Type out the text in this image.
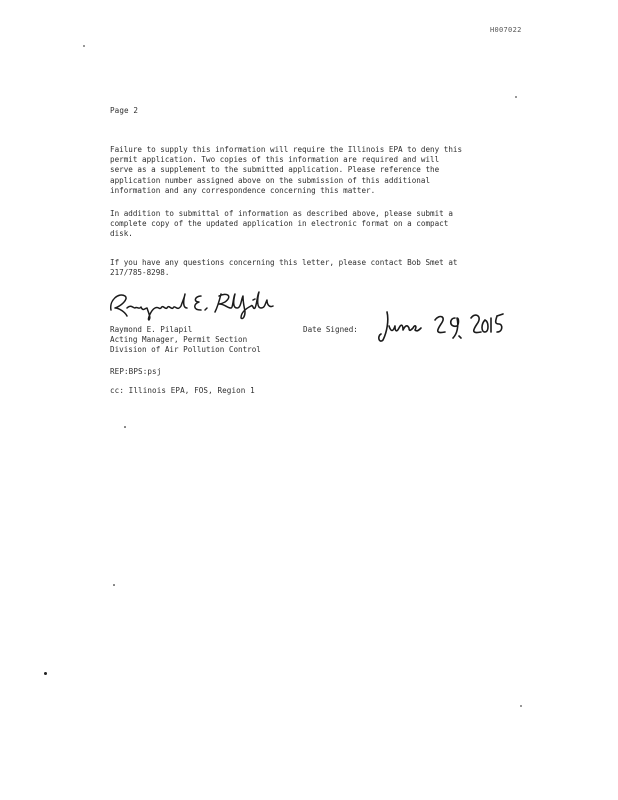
H007022
Page 2
Failure to supply this information will require the Illinois EPA to deny this
permit application. Two copies of this information are required and will
serve as a supplement to the submitted application. Please reference the
application number assigned above on the submission of this additional
information and any correspondence concerning this matter.
In addition to submittal of information as described above, please submit a
complete copy of the updated application in electronic format on a compact
disk.
If you have any questions concerning this letter, please contact Bob Smet at
217/785-8298.
Raymond E. Pilapil
Acting Manager, Permit Section
Division of Air Pollution Control
Date Signed:
REP:BPS:psj
cc: Illinois EPA, FOS, Region 1
